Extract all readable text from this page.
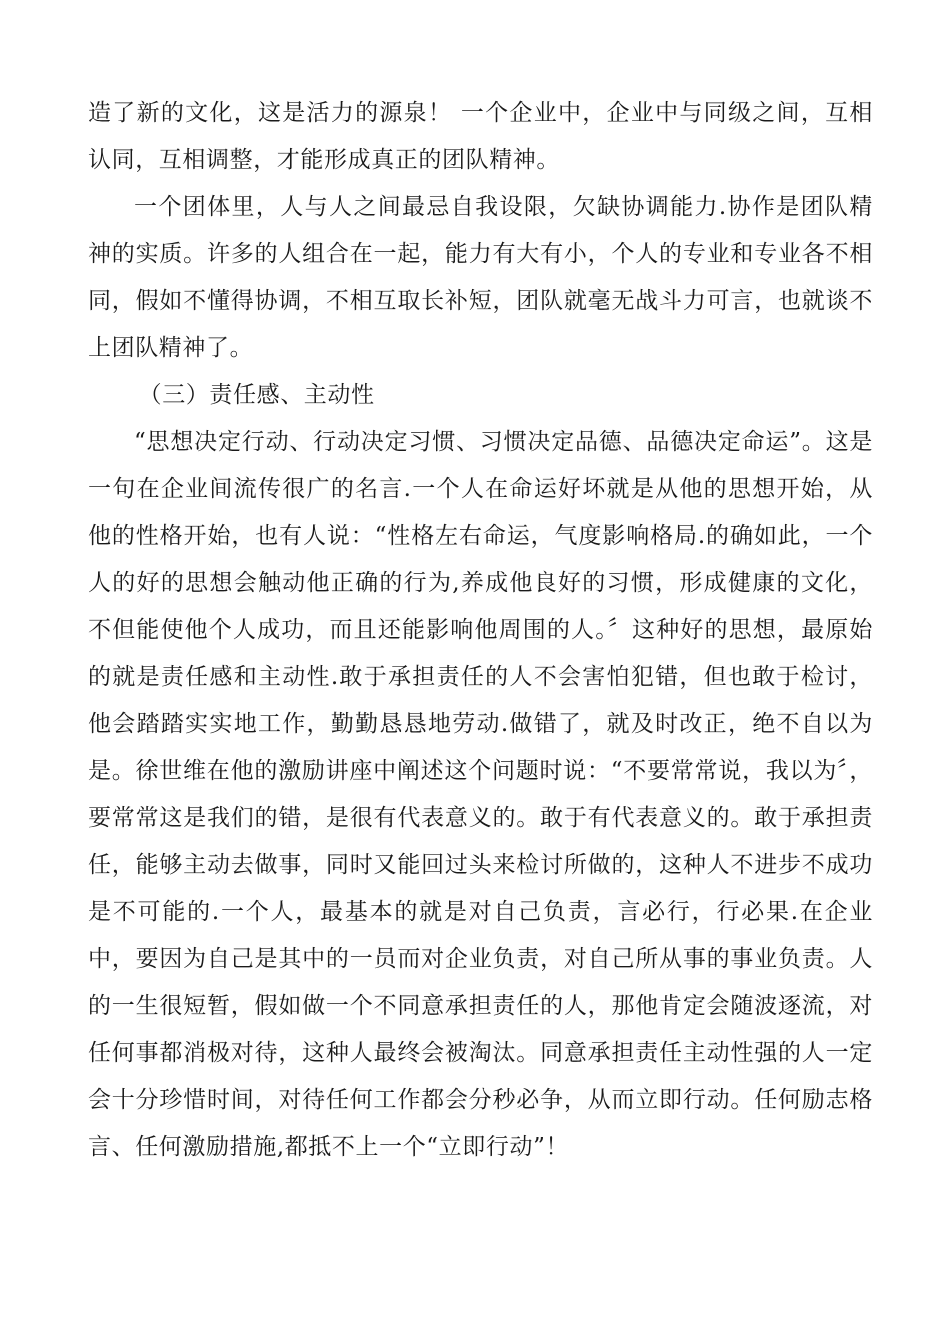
造了新的文化，这是活力的源泉！ 一个企业中，企业中与同级之间，互相认同，互相调整，才能形成真正的团队精神。

一个团体里，人与人之间最忌自我设限，欠缺协调能力.协作是团队精神的实质。许多的人组合在一起，能力有大有小，个人的专业和专业各不相同，假如不懂得协调，不相互取长补短，团队就毫无战斗力可言，也就谈不上团队精神了。

（三）责任感、主动性

“思想决定行动、行动决定习惯、习惯决定品德、品德决定命运”。这是一句在企业间流传很广的名言.一个人在命运好坏就是从他的思想开始，从他的性格开始，也有人说：“性格左右命运，气度影响格局.的确如此，一个人的好的思想会触动他正确的行为,养成他良好的习惯，形成健康的文化，不但能使他个人成功，而且还能影响他周围的人。〞这种好的思想，最原始的就是责任感和主动性.敢于承担责任的人不会害怕犯错，但也敢于检讨，他会踏踏实实地工作，勤勤恳恳地劳动.做错了，就及时改正，绝不自以为是。徐世维在他的激励讲座中阐述这个问题时说：“不要常常说，我以为〞，要常常这是我们的错，是很有代表意义的。敢于有代表意义的。敢于承担责任，能够主动去做事，同时又能回过头来检讨所做的，这种人不进步不成功是不可能的.一个人，最基本的就是对自己负责，言必行，行必果.在企业中，要因为自己是其中的一员而对企业负责，对自己所从事的事业负责。人的一生很短暂，假如做一个不同意承担责任的人，那他肯定会随波逐流，对任何事都消极对待，这种人最终会被淘汰。同意承担责任主动性强的人一定会十分珍惜时间，对待任何工作都会分秒必争，从而立即行动。任何励志格言、任何激励措施,都抵不上一个“立即行动”！
